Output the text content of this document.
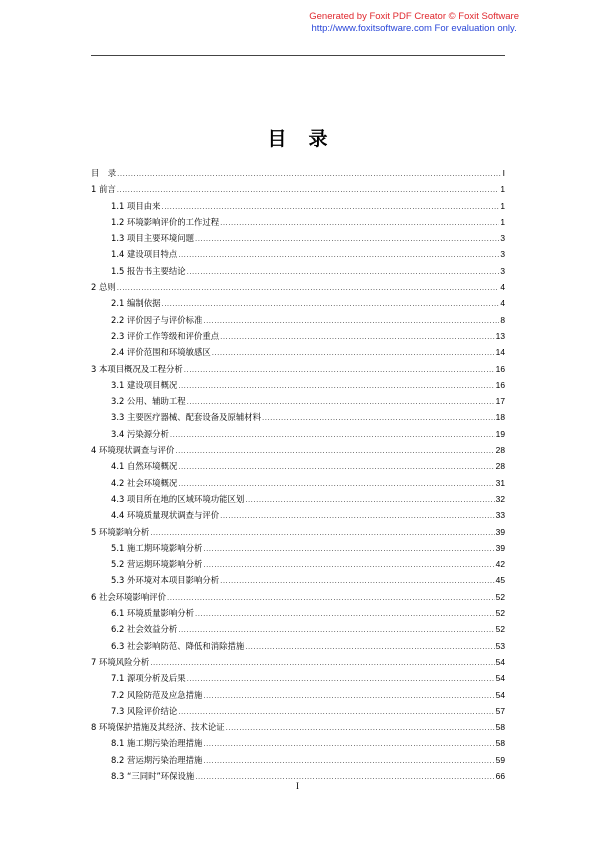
Generated by Foxit PDF Creator © Foxit Software
http://www.foxitsoftware.com For evaluation only.
目录
目　录 .....	I
1 前言 .....	1
1.1 项目由来 .....	1
1.2 环境影响评价的工作过程 .....	1
1.3 项目主要环境问题 .....	3
1.4 建设项目特点 .....	3
1.5 报告书主要结论 .....	3
2 总则 .....	4
2.1 编制依据 .....	4
2.2 评价因子与评价标准 .....	8
2.3 评价工作等级和评价重点 .....	13
2.4 评价范围和环境敏感区 .....	14
3 本项目概况及工程分析 .....	16
3.1 建设项目概况 .....	16
3.2 公用、辅助工程 .....	17
3.3 主要医疗器械、配套设备及原辅材料 .....	18
3.4 污染源分析 .....	19
4 环境现状调查与评价 .....	28
4.1 自然环境概况 .....	28
4.2 社会环境概况 .....	31
4.3 项目所在地的区域环境功能区划 .....	32
4.4 环境质量现状调查与评价 .....	33
5 环境影响分析 .....	39
5.1 施工期环境影响分析 .....	39
5.2 营运期环境影响分析 .....	42
5.3 外环境对本项目影响分析 .....	45
6 社会环境影响评价 .....	52
6.1 环境质量影响分析 .....	52
6.2 社会效益分析 .....	52
6.3 社会影响防范、降低和消除措施 .....	53
7 环境风险分析 .....	54
7.1 源项分析及后果 .....	54
7.2 风险防范及应急措施 .....	54
7.3 风险评价结论 .....	57
8 环境保护措施及其经济、技术论证 .....	58
8.1 施工期污染治理措施 .....	58
8.2 营运期污染治理措施 .....	59
8.3 “三同时”环保设施 .....	66
I
